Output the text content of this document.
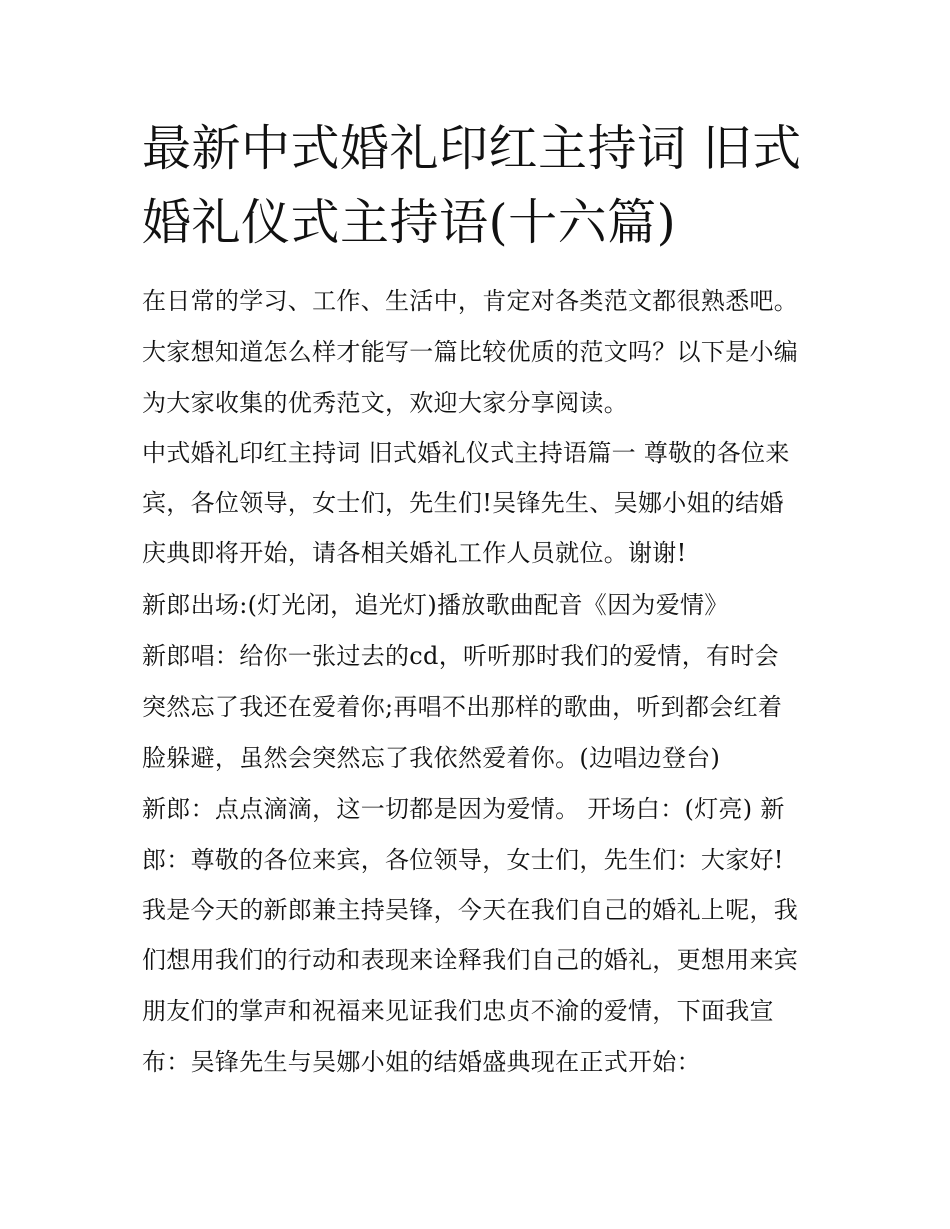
最新中式婚礼印红主持词 旧式
婚礼仪式主持语(十六篇)

在日常的学习、工作、生活中，肯定对各类范文都很熟悉吧。

大家想知道怎么样才能写一篇比较优质的范文吗？以下是小编

为大家收集的优秀范文，欢迎大家分享阅读。

中式婚礼印红主持词 旧式婚礼仪式主持语篇一 尊敬的各位来

宾，各位领导，女士们，先生们!吴锋先生、吴娜小姐的结婚

庆典即将开始，请各相关婚礼工作人员就位。谢谢!

新郎出场:(灯光闭，追光灯)播放歌曲配音《因为爱情》

新郎唱：给你一张过去的cd，听听那时我们的爱情，有时会

突然忘了我还在爱着你;再唱不出那样的歌曲，听到都会红着

脸躲避，虽然会突然忘了我依然爱着你。(边唱边登台)

新郎：点点滴滴，这一切都是因为爱情。 开场白：(灯亮) 新

郎：尊敬的各位来宾，各位领导，女士们，先生们：大家好!

我是今天的新郎兼主持吴锋，今天在我们自己的婚礼上呢，我

们想用我们的行动和表现来诠释我们自己的婚礼，更想用来宾

朋友们的掌声和祝福来见证我们忠贞不渝的爱情，下面我宣

布：吴锋先生与吴娜小姐的结婚盛典现在正式开始：
